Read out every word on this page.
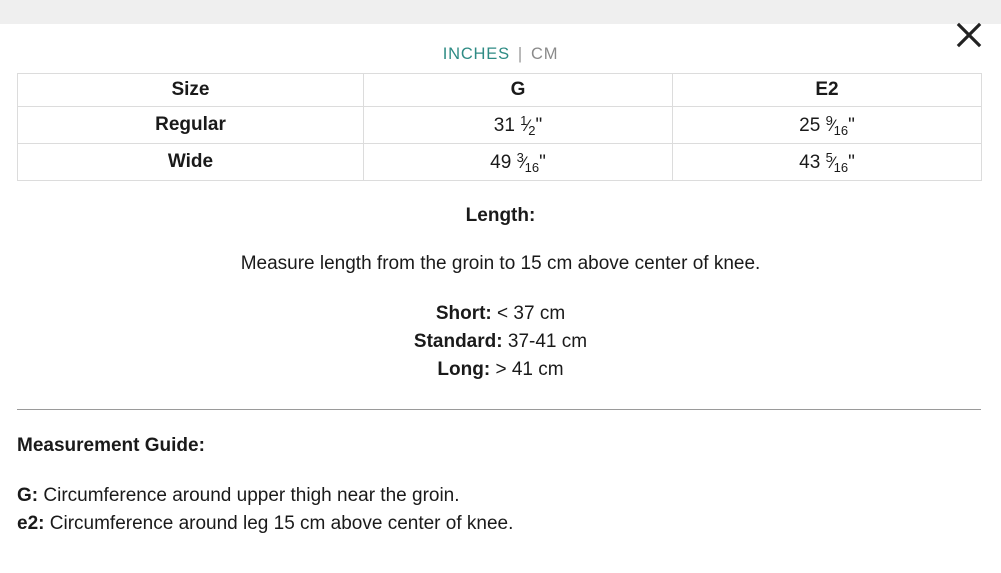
INCHES | CM
Size	G	E2
Regular	31 $^1⁄_2$"	25 $^9⁄_{16}$"
Wide	49 $^3⁄_{16}$"	43 $^5⁄_{16}$"
Length:
Measure length from the groin to 15 cm above center of knee.
Short: < 37 cm
Standard: 37-41 cm
Long: > 41 cm
Measurement Guide:
G: Circumference around upper thigh near the groin.
e2: Circumference around leg 15 cm above center of knee.
